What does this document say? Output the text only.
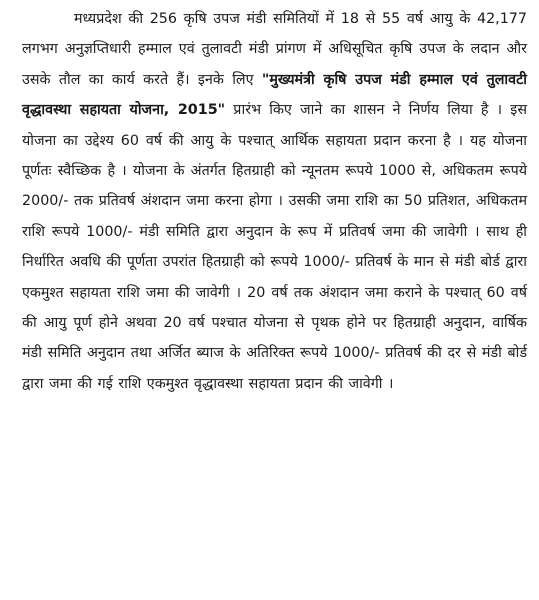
मध्यप्रदेश की 256 कृषि उपज मंडी समितियों में 18 से 55 वर्ष आयु के 42,177 लगभग अनुज्ञप्तिधारी हम्माल एवं तुलावटी मंडी प्रांगण में अधिसूचित कृषि उपज के लदान और उसके तौल का कार्य करते हैं। इनके लिए "मुख्यमंत्री कृषि उपज मंडी हम्माल एवं तुलावटी वृद्धावस्था सहायता योजना, 2015" प्रारंभ किए जाने का शासन ने निर्णय लिया है । इस योजना का उद्देश्य 60 वर्ष की आयु के पश्चात् आर्थिक सहायता प्रदान करना है । यह योजना पूर्णतः स्वैच्छिक है । योजना के अंतर्गत हितग्राही को न्यूनतम रूपये 1000 से, अधिकतम रूपये 2000/- तक प्रतिवर्ष अंशदान जमा करना होगा । उसकी जमा राशि का 50 प्रतिशत, अधिकतम राशि रूपये 1000/- मंडी समिति द्वारा अनुदान के रूप में प्रतिवर्ष जमा की जावेगी । साथ ही निर्धारित अवधि की पूर्णता उपरांत हितग्राही को रूपये 1000/- प्रतिवर्ष के मान से मंडी बोर्ड द्वारा एकमुश्त सहायता राशि जमा की जावेगी । 20 वर्ष तक अंशदान जमा कराने के पश्चात् 60 वर्ष की आयु पूर्ण होने अथवा 20 वर्ष पश्चात योजना से पृथक होने पर हितग्राही अनुदान, वार्षिक मंडी समिति अनुदान तथा अर्जित ब्याज के अतिरिक्त रूपये 1000/- प्रतिवर्ष की दर से मंडी बोर्ड द्वारा जमा की गई राशि एकमुश्त वृद्धावस्था सहायता प्रदान की जावेगी ।
